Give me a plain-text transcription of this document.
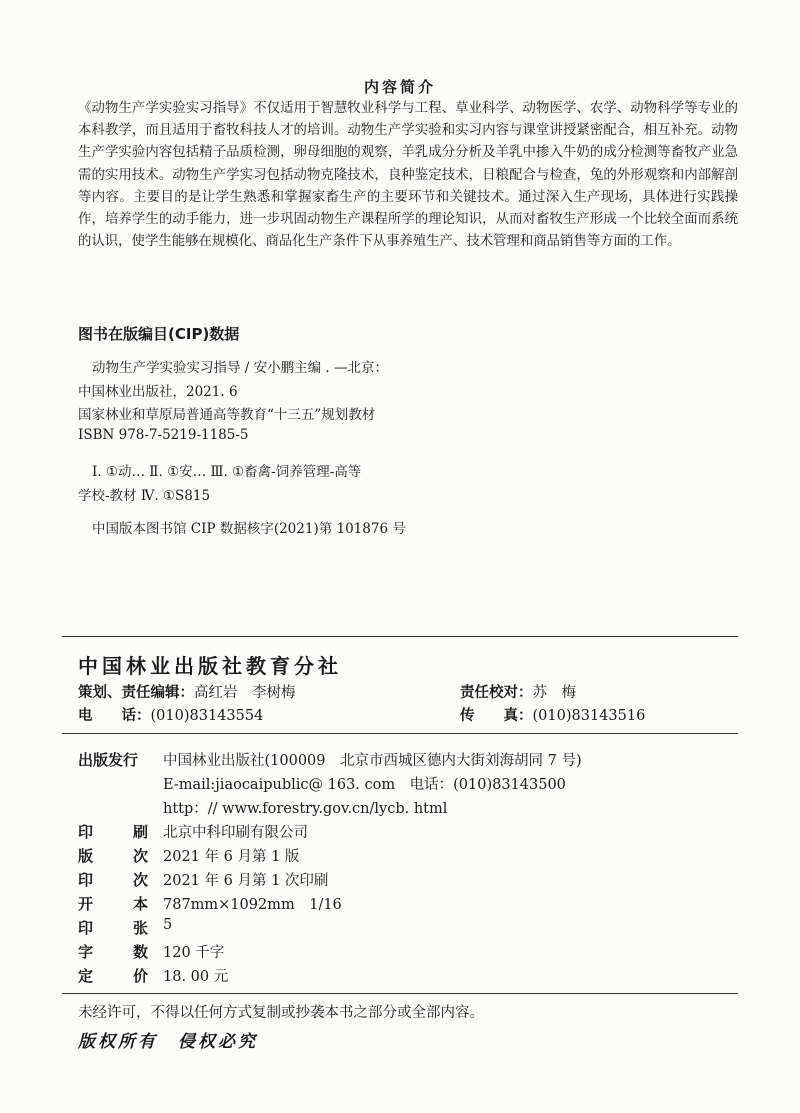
内容简介
《动物生产学实验实习指导》不仅适用于智慧牧业科学与工程、草业科学、动物医学、农学、动物科学等专业的本科教学，而且适用于畜牧科技人才的培训。动物生产学实验和实习内容与课堂讲授紧密配合，相互补充。动物生产学实验内容包括精子品质检测，卵母细胞的观察，羊乳成分分析及羊乳中掺入牛奶的成分检测等畜牧产业急需的实用技术。动物生产学实习包括动物克隆技术，良种鉴定技术，日粮配合与检查，兔的外形观察和内部解剖等内容。主要目的是让学生熟悉和掌握家畜生产的主要环节和关键技术。通过深入生产现场，具体进行实践操作，培养学生的动手能力，进一步巩固动物生产课程所学的理论知识，从而对畜牧生产形成一个比较全面而系统的认识，使学生能够在规模化、商品化生产条件下从事养殖生产、技术管理和商品销售等方面的工作。
图书在版编目(CIP)数据
动物生产学实验实习指导 / 安小鹏主编 . —北京：
中国林业出版社，2021. 6
国家林业和草原局普通高等教育“十三五”规划教材
ISBN 978-7-5219-1185-5
Ⅰ. ①动… Ⅱ. ①安… Ⅲ. ①畜禽-饲养管理-高等
学校-教材 Ⅳ. ①S815
中国版本图书馆 CIP 数据核字(2021)第 101876 号
中国林业出版社教育分社
策划、责任编辑：高红岩　李树梅	责任校对：苏　梅
电　　话：(010)83143554	传　　真：(010)83143516
出版发行	中国林业出版社(100009　北京市西城区德内大街刘海胡同 7 号)
E-mail:jiaocaipublic@ 163. com　电话：(010)83143500
http：// www.forestry.gov.cn/lycb. html
印	刷 北京中科印刷有限公司
版	次 2021 年 6 月第 1 版
印	次 2021 年 6 月第 1 次印刷
开	本 787mm×1092mm　1/16
印	张 5
字	数 120 千字
定	价 18. 00 元
未经许可，不得以任何方式复制或抄袭本书之部分或全部内容。
版权所有　侵权必究
